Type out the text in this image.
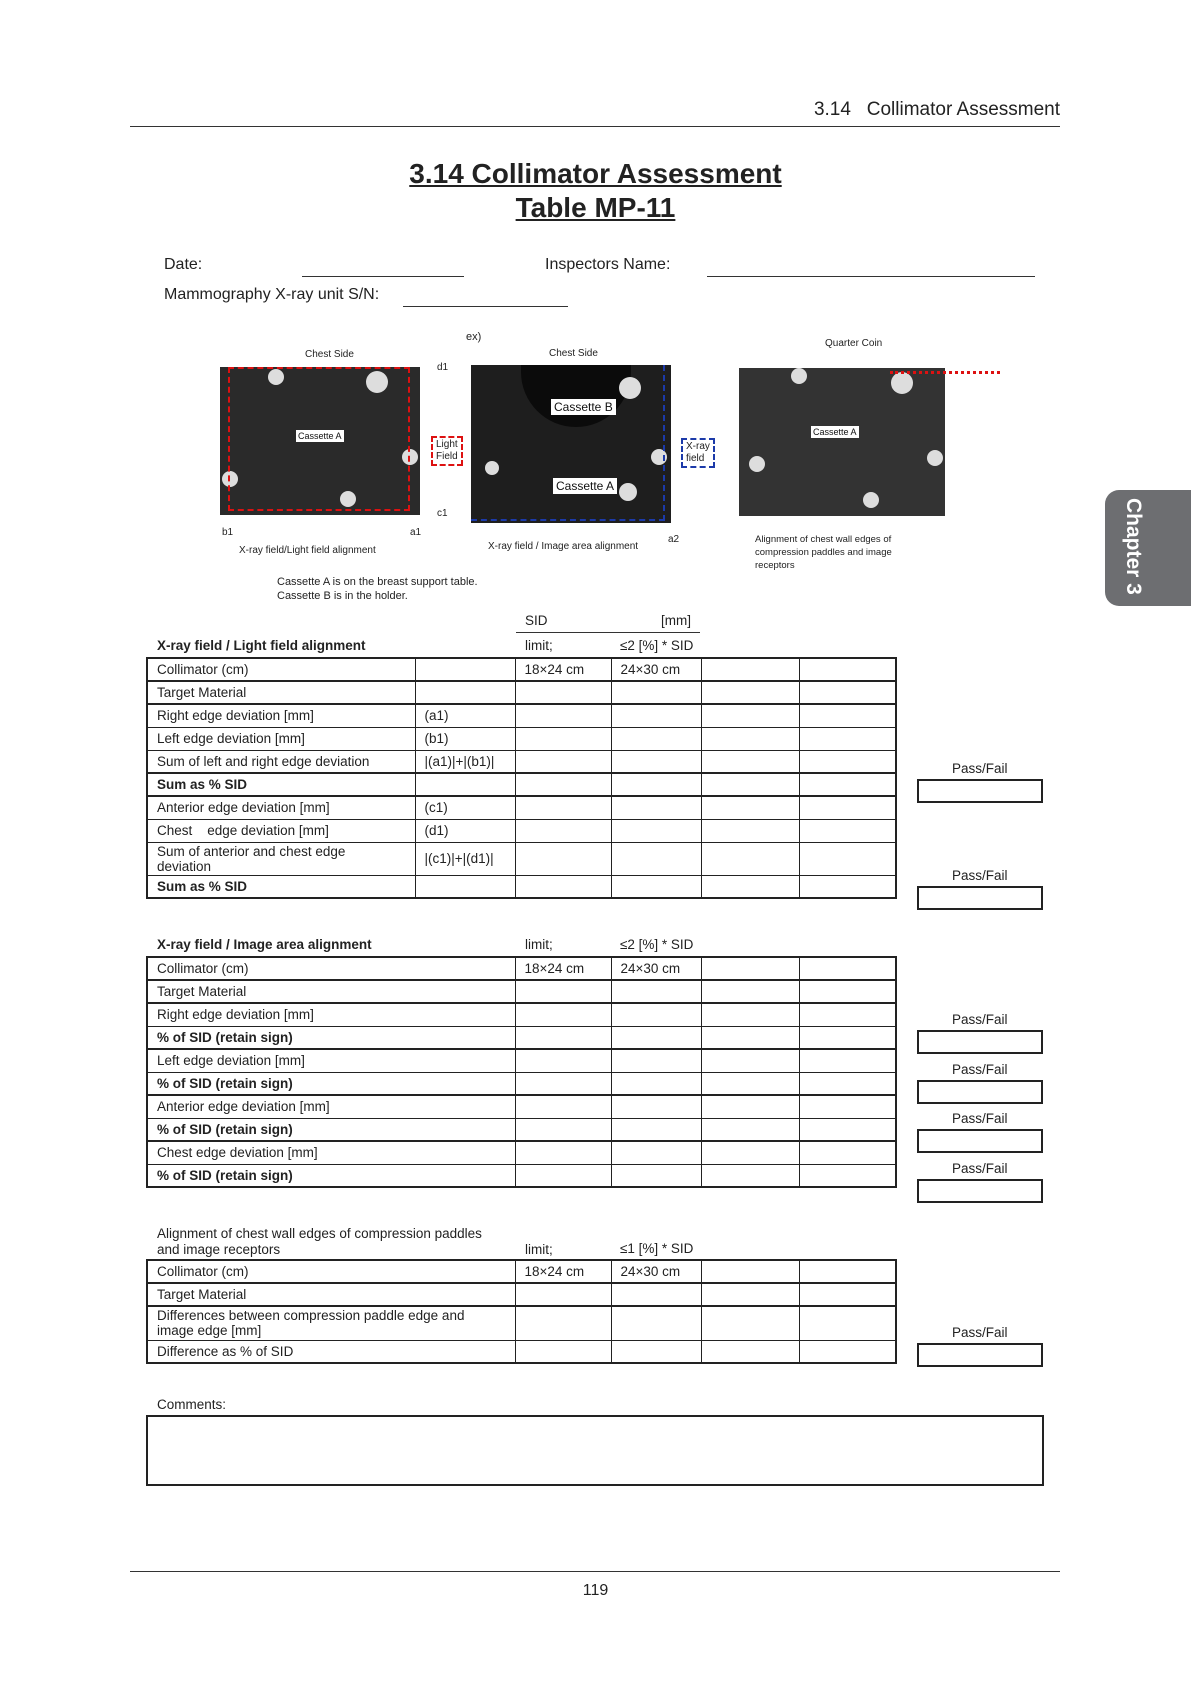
3.14   Collimator Assessment
3.14 Collimator Assessment
Table MP-11
Date:	Inspectors Name:
Mammography X-ray unit S/N:
ex)
Chest Side
Cassette A
d1
c1
b1	a1
Light
Field
X-ray field/Light field alignment
Chest Side
Cassette B
Cassette A
X-ray
field
a2
X-ray field / Image area alignment
Quarter Coin
Cassette A
Alignment of chest wall edges of compression paddles and image receptors
Cassette A is on the breast support table.
Cassette B is in the holder.
SID	[mm]
X-ray field / Light field alignment	limit;	≤2 [%] * SID
Collimator (cm)		18×24 cm	24×30 cm		
Target Material					
Right edge deviation [mm]	(a1)				
Left edge deviation [mm]	(b1)				
Sum of left and right edge deviation	|(a1)|+|(b1)|				
Sum as % SID					
Anterior edge deviation [mm]	(c1)				
Chest    edge deviation [mm]	(d1)				
Sum of anterior and chest edge deviation	|(c1)|+|(d1)|				
Sum as % SID					
Pass/Fail
Pass/Fail
X-ray field / Image area alignment	limit;	≤2 [%] * SID
Collimator (cm)	18×24 cm	24×30 cm		
Target Material				
Right edge deviation [mm]				
% of SID (retain sign)				
Left edge deviation [mm]				
% of SID (retain sign)				
Anterior edge deviation [mm]				
% of SID (retain sign)				
Chest edge deviation [mm]				
% of SID (retain sign)				
Pass/Fail
Pass/Fail
Pass/Fail
Pass/Fail
Alignment of chest wall edges of compression paddles and image receptors	limit;	≤1 [%] * SID
Collimator (cm)	18×24 cm	24×30 cm		
Target Material				
Differences between compression paddle edge and image edge [mm]				
Difference as % of SID				
Pass/Fail
Comments:
119
Chapter 3
